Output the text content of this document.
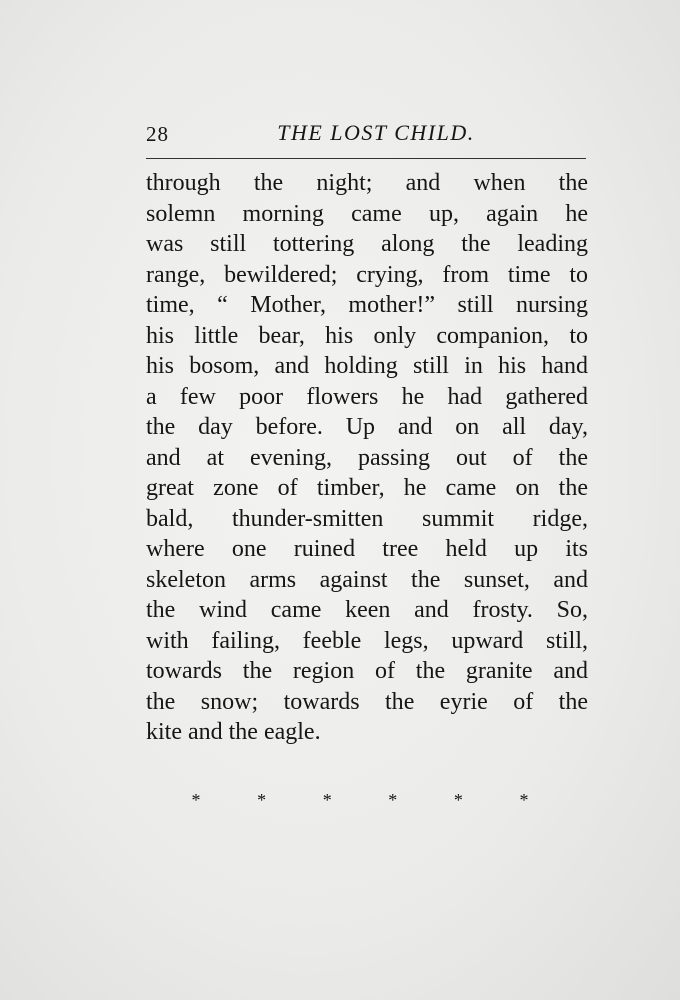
28	THE LOST CHILD.
through the night; and when the
solemn morning came up, again he
was still tottering along the leading
range, bewildered; crying, from time to
time, “ Mother, mother!” still nursing
his little bear, his only companion, to
his bosom, and holding still in his hand
a few poor flowers he had gathered
the day before. Up and on all day,
and at evening, passing out of the
great zone of timber, he came on the
bald, thunder-smitten summit ridge,
where one ruined tree held up its
skeleton arms against the sunset, and
the wind came keen and frosty. So,
with failing, feeble legs, upward still,
towards the region of the granite and
the snow; towards the eyrie of the
kite and the eagle.
*	*	*	*	*	*
